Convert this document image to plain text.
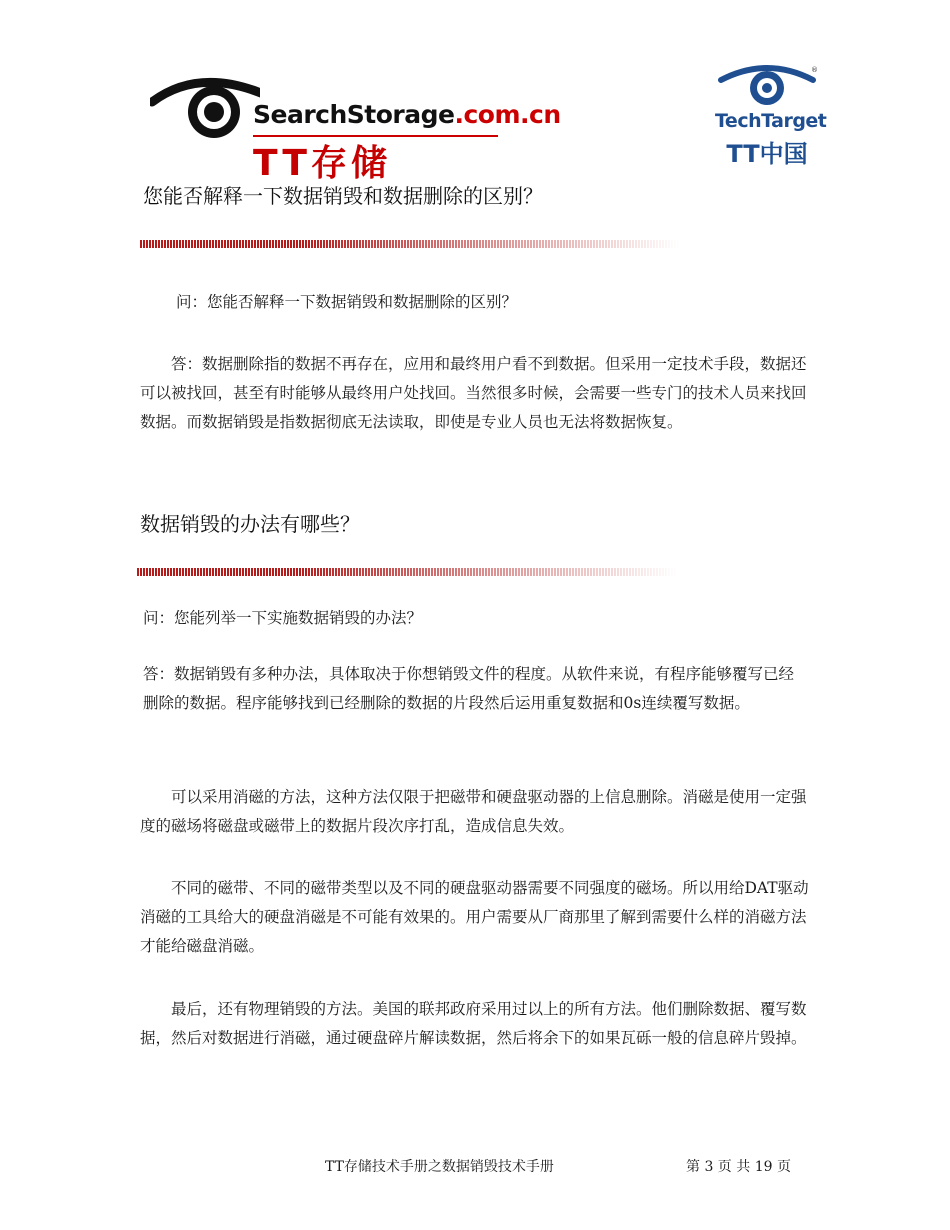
SearchStorage.com.cn
TT存储
®
TechTarget
TT中国
您能否解释一下数据销毁和数据删除的区别？
问：您能否解释一下数据销毁和数据删除的区别？
答：数据删除指的数据不再存在，应用和最终用户看不到数据。但采用一定技术手段，数据还可以被找回，甚至有时能够从最终用户处找回。当然很多时候，会需要一些专门的技术人员来找回数据。而数据销毁是指数据彻底无法读取，即使是专业人员也无法将数据恢复。
数据销毁的办法有哪些？
问：您能列举一下实施数据销毁的办法？
答：数据销毁有多种办法，具体取决于你想销毁文件的程度。从软件来说，有程序能够覆写已经删除的数据。程序能够找到已经删除的数据的片段然后运用重复数据和0s连续覆写数据。
可以采用消磁的方法，这种方法仅限于把磁带和硬盘驱动器的上信息删除。消磁是使用一定强度的磁场将磁盘或磁带上的数据片段次序打乱，造成信息失效。
不同的磁带、不同的磁带类型以及不同的硬盘驱动器需要不同强度的磁场。所以用给DAT驱动消磁的工具给大的硬盘消磁是不可能有效果的。用户需要从厂商那里了解到需要什么样的消磁方法才能给磁盘消磁。
最后，还有物理销毁的方法。美国的联邦政府采用过以上的所有方法。他们删除数据、覆写数据，然后对数据进行消磁，通过硬盘碎片解读数据，然后将余下的如果瓦砾一般的信息碎片毁掉。
TT存储技术手册之数据销毁技术手册	第 3 页 共 19 页
